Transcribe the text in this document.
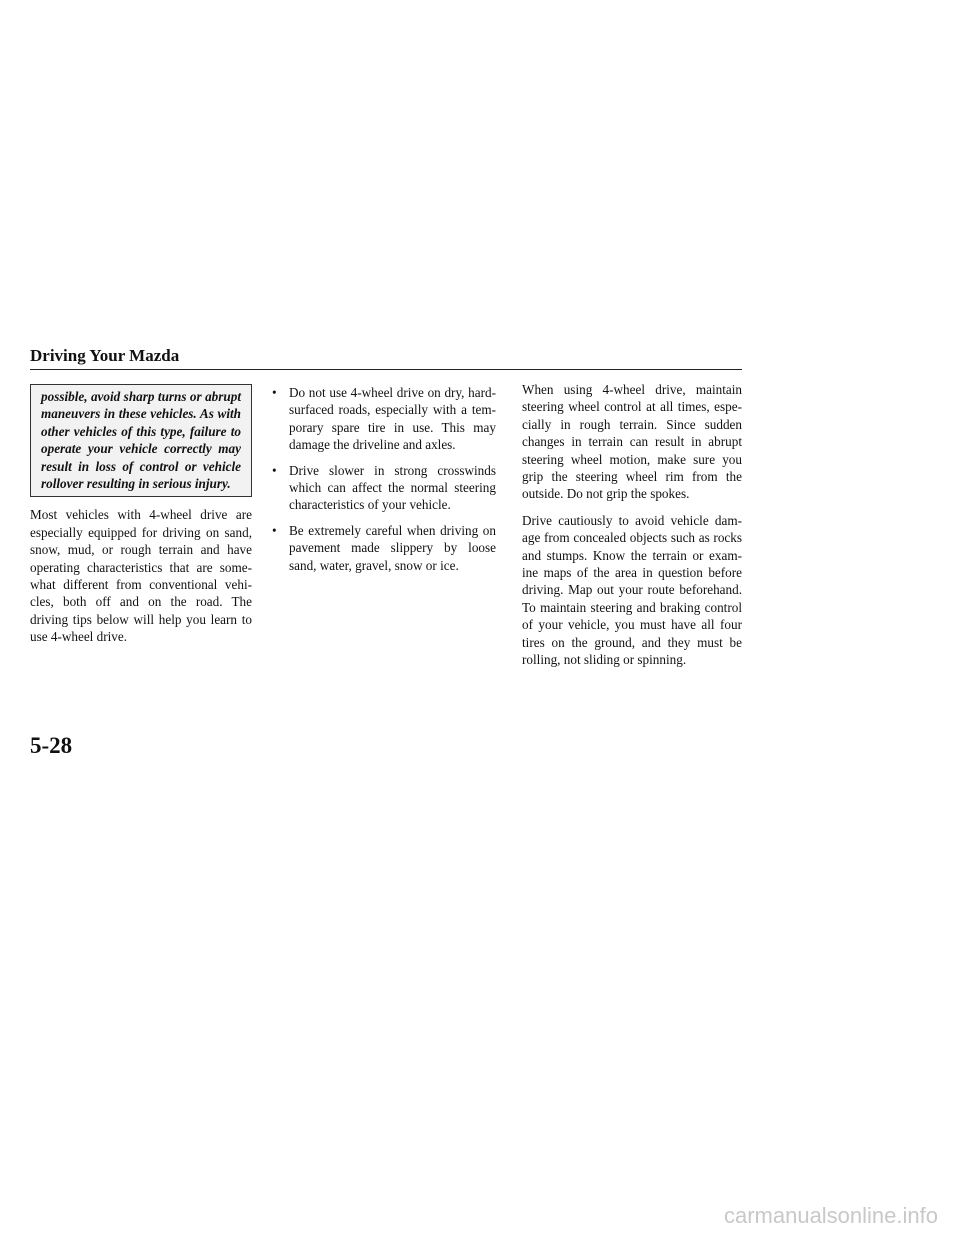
Driving Your Mazda
possible, avoid sharp turns or abrupt maneuvers in these vehicles. As with other vehicles of this type, failure to operate your vehicle correctly may result in loss of control or vehicle rollover resulting in serious injury.

Most vehicles with 4-wheel drive are especially equipped for driving on sand, snow, mud, or rough terrain and have operating characteristics that are some-what different from conventional vehi-cles, both off and on the road. The driving tips below will help you learn to use 4-wheel drive.

• Do not use 4-wheel drive on dry, hard-surfaced roads, especially with a tem-porary spare tire in use. This may damage the driveline and axles.
• Drive slower in strong crosswinds which can affect the normal steering characteristics of your vehicle.
• Be extremely careful when driving on pavement made slippery by loose sand, water, gravel, snow or ice.

When using 4-wheel drive, maintain steering wheel control at all times, espe-cially in rough terrain. Since sudden changes in terrain can result in abrupt steering wheel motion, make sure you grip the steering wheel rim from the outside. Do not grip the spokes.

Drive cautiously to avoid vehicle dam-age from concealed objects such as rocks and stumps. Know the terrain or exam-ine maps of the area in question before driving. Map out your route beforehand. To maintain steering and braking control of your vehicle, you must have all four tires on the ground, and they must be rolling, not sliding or spinning.

5-28
carmanualsonline.info
